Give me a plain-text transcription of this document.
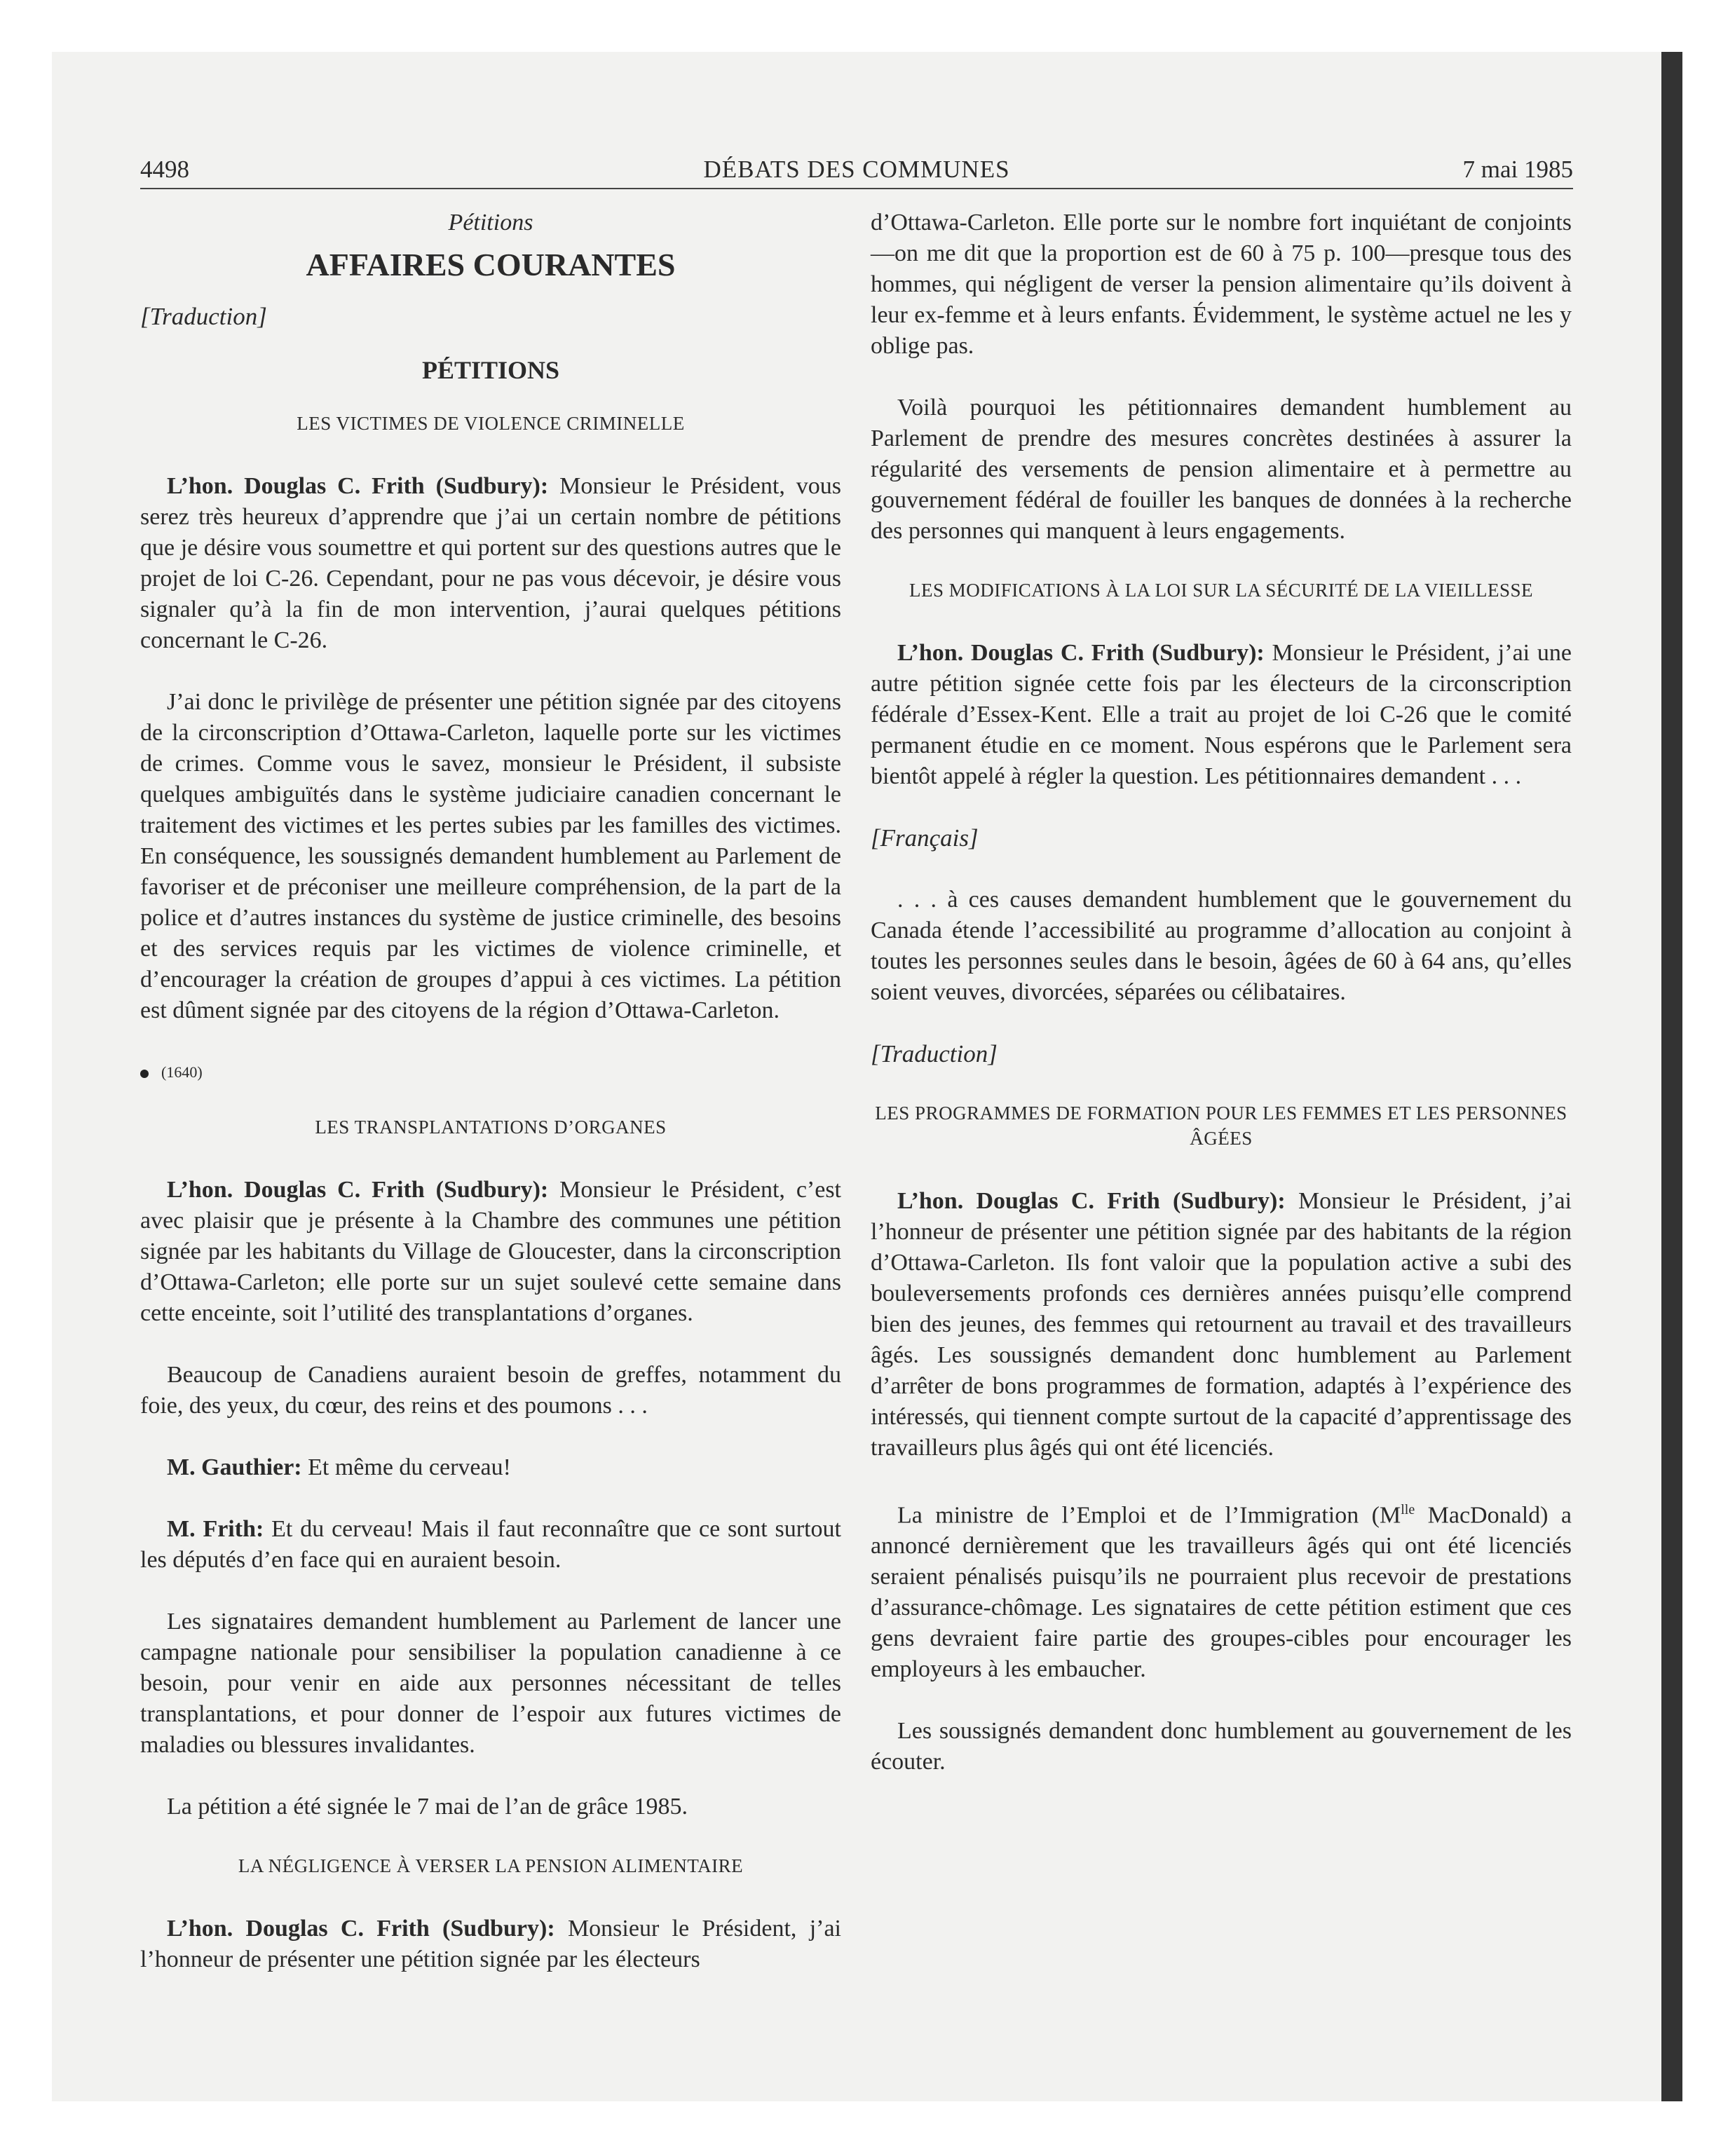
4498	DÉBATS DES COMMUNES	7 mai 1985
Pétitions
AFFAIRES COURANTES
[Traduction]
PÉTITIONS
LES VICTIMES DE VIOLENCE CRIMINELLE

L’hon. Douglas C. Frith (Sudbury): Monsieur le Président, vous serez très heureux d’apprendre que j’ai un certain nombre de pétitions que je désire vous soumettre et qui portent sur des questions autres que le projet de loi C-26. Cependant, pour ne pas vous décevoir, je désire vous signaler qu’à la fin de mon intervention, j’aurai quelques pétitions concernant le C-26.

J’ai donc le privilège de présenter une pétition signée par des citoyens de la circonscription d’Ottawa-Carleton, laquelle porte sur les victimes de crimes. Comme vous le savez, monsieur le Président, il subsiste quelques ambiguïtés dans le système judiciaire canadien concernant le traitement des victimes et les pertes subies par les familles des victimes. En conséquence, les soussignés demandent humblement au Parlement de favoriser et de préconiser une meilleure compréhension, de la part de la police et d’autres instances du système de justice criminelle, des besoins et des services requis par les victimes de violence criminelle, et d’encourager la création de groupes d’appui à ces victimes. La pétition est dûment signée par des citoyens de la région d’Ottawa-Carleton.

(1640)
LES TRANSPLANTATIONS D’ORGANES

L’hon. Douglas C. Frith (Sudbury): Monsieur le Président, c’est avec plaisir que je présente à la Chambre des communes une pétition signée par les habitants du Village de Gloucester, dans la circonscription d’Ottawa-Carleton; elle porte sur un sujet soulevé cette semaine dans cette enceinte, soit l’utilité des transplantations d’organes.

Beaucoup de Canadiens auraient besoin de greffes, notamment du foie, des yeux, du cœur, des reins et des poumons . . .

M. Gauthier: Et même du cerveau!

M. Frith: Et du cerveau! Mais il faut reconnaître que ce sont surtout les députés d’en face qui en auraient besoin.

Les signataires demandent humblement au Parlement de lancer une campagne nationale pour sensibiliser la population canadienne à ce besoin, pour venir en aide aux personnes nécessitant de telles transplantations, et pour donner de l’espoir aux futures victimes de maladies ou blessures invalidantes.

La pétition a été signée le 7 mai de l’an de grâce 1985.

LA NÉGLIGENCE À VERSER LA PENSION ALIMENTAIRE

L’hon. Douglas C. Frith (Sudbury): Monsieur le Président, j’ai l’honneur de présenter une pétition signée par les électeurs

d’Ottawa-Carleton. Elle porte sur le nombre fort inquiétant de conjoints—on me dit que la proportion est de 60 à 75 p. 100—presque tous des hommes, qui négligent de verser la pension alimentaire qu’ils doivent à leur ex-femme et à leurs enfants. Évidemment, le système actuel ne les y oblige pas.

Voilà pourquoi les pétitionnaires demandent humblement au Parlement de prendre des mesures concrètes destinées à assurer la régularité des versements de pension alimentaire et à permettre au gouvernement fédéral de fouiller les banques de données à la recherche des personnes qui manquent à leurs engagements.

LES MODIFICATIONS À LA LOI SUR LA SÉCURITÉ DE LA VIEILLESSE

L’hon. Douglas C. Frith (Sudbury): Monsieur le Président, j’ai une autre pétition signée cette fois par les électeurs de la circonscription fédérale d’Essex-Kent. Elle a trait au projet de loi C-26 que le comité permanent étudie en ce moment. Nous espérons que le Parlement sera bientôt appelé à régler la question. Les pétitionnaires demandent . . .

[Français]

. . . à ces causes demandent humblement que le gouvernement du Canada étende l’accessibilité au programme d’allocation au conjoint à toutes les personnes seules dans le besoin, âgées de 60 à 64 ans, qu’elles soient veuves, divorcées, séparées ou célibataires.

[Traduction]
LES PROGRAMMES DE FORMATION POUR LES FEMMES ET LES PERSONNES ÂGÉES

L’hon. Douglas C. Frith (Sudbury): Monsieur le Président, j’ai l’honneur de présenter une pétition signée par des habitants de la région d’Ottawa-Carleton. Ils font valoir que la population active a subi des bouleversements profonds ces dernières années puisqu’elle comprend bien des jeunes, des femmes qui retournent au travail et des travailleurs âgés. Les soussignés demandent donc humblement au Parlement d’arrêter de bons programmes de formation, adaptés à l’expérience des intéressés, qui tiennent compte surtout de la capacité d’apprentissage des travailleurs plus âgés qui ont été licenciés.

La ministre de l’Emploi et de l’Immigration ($M^{lle}$ MacDonald) a annoncé dernièrement que les travailleurs âgés qui ont été licenciés seraient pénalisés puisqu’ils ne pourraient plus recevoir de prestations d’assurance-chômage. Les signataires de cette pétition estiment que ces gens devraient faire partie des groupes-cibles pour encourager les employeurs à les embaucher.

Les soussignés demandent donc humblement au gouvernement de les écouter.
